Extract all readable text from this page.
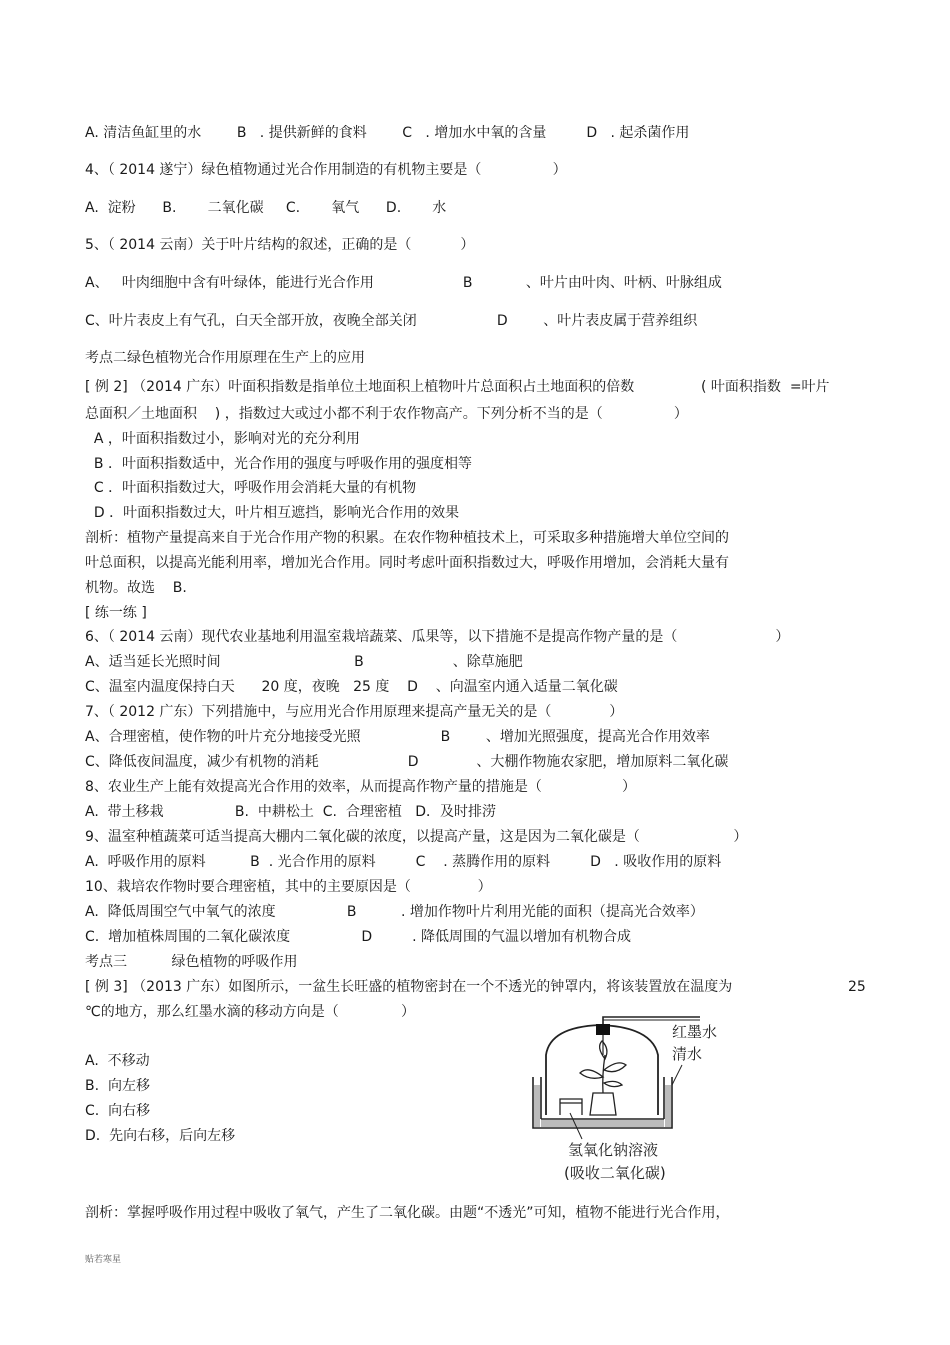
A. 清洁鱼缸里的水        B   . 提供新鲜的食料        C   . 增加水中氧的含量         D   . 起杀菌作用
4、（ 2014 遂宁）绿色植物通过光合作用制造的有机物主要是（                ）
A.  淀粉      B.       二氧化碳     C.       氧气      D.       水
5、（ 2014 云南）关于叶片结构的叙述，正确的是（           ）
A、   叶肉细胞中含有叶绿体，能进行光合作用                    B            、叶片由叶肉、叶柄、叶脉组成
C、叶片表皮上有气孔，白天全部开放，夜晚全部关闭                  D        、叶片表皮属于营养组织
考点二绿色植物光合作用原理在生产上的应用
[ 例 2] （2014 广东）叶面积指数是指单位土地面积上植物叶片总面积占土地面积的倍数               ( 叶面积指数  =叶片
总面积／土地面积    ) ，指数过大或过小都不利于农作物高产。下列分析不当的是（                ）
A ，叶面积指数过小，影响对光的充分利用
B ．叶面积指数适中，光合作用的强度与呼吸作用的强度相等
C ．叶面积指数过大，呼吸作用会消耗大量的有机物
D ．叶面积指数过大，叶片相互遮挡，影响光合作用的效果
剖析：植物产量提高来自于光合作用产物的积累。在农作物种植技术上，可采取多种措施增大单位空间的
叶总面积，以提高光能利用率，增加光合作用。同时考虑叶面积指数过大，呼吸作用增加，会消耗大量有
机物。故选    B.
[ 练一练 ]
6、（ 2014 云南）现代农业基地利用温室栽培蔬菜、瓜果等，以下措施不是提高作物产量的是（                      ）
A、适当延长光照时间                              B                    、除草施肥
C、温室内温度保持白天      20 度，夜晚   25 度    D    、向温室内通入适量二氧化碳
7、（ 2012 广东）下列措施中，与应用光合作用原理来提高产量无关的是（             ）
A、合理密植，使作物的叶片充分地接受光照                  B        、增加光照强度，提高光合作用效率
C、降低夜间温度，减少有机物的消耗                    D             、大棚作物施农家肥，增加原料二氧化碳
8、农业生产上能有效提高光合作用的效率，从而提高作物产量的措施是（                  ）
A.  带土移栽                B.  中耕松土  C.  合理密植   D．及时排涝
9、温室种植蔬菜可适当提高大棚内二氧化碳的浓度，以提高产量，这是因为二氧化碳是（                     ）
A.  呼吸作用的原料          B  . 光合作用的原料         C    . 蒸腾作用的原料         D   . 吸收作用的原料
10、栽培农作物时要合理密植，其中的主要原因是（               ）
A.  降低周围空气中氧气的浓度                B          . 增加作物叶片利用光能的面积（提高光合效率）
C.  增加植株周围的二氧化碳浓度                D         . 降低周围的气温以增加有机物合成
考点三          绿色植物的呼吸作用
[ 例 3] （2013 广东）如图所示，一盆生长旺盛的植物密封在一个不透光的钟罩内，将该装置放在温度为                          25
℃的地方，那么红墨水滴的移动方向是（              ）
A.  不移动
B.  向左移
C.  向右移
D.  先向右移，后向左移
剖析：掌握呼吸作用过程中吸收了氧气，产生了二氧化碳。由题“不透光”可知，植物不能进行光合作用，
贴若寒星
红墨水
清水
氢氧化钠溶液
(吸收二氧化碳)
